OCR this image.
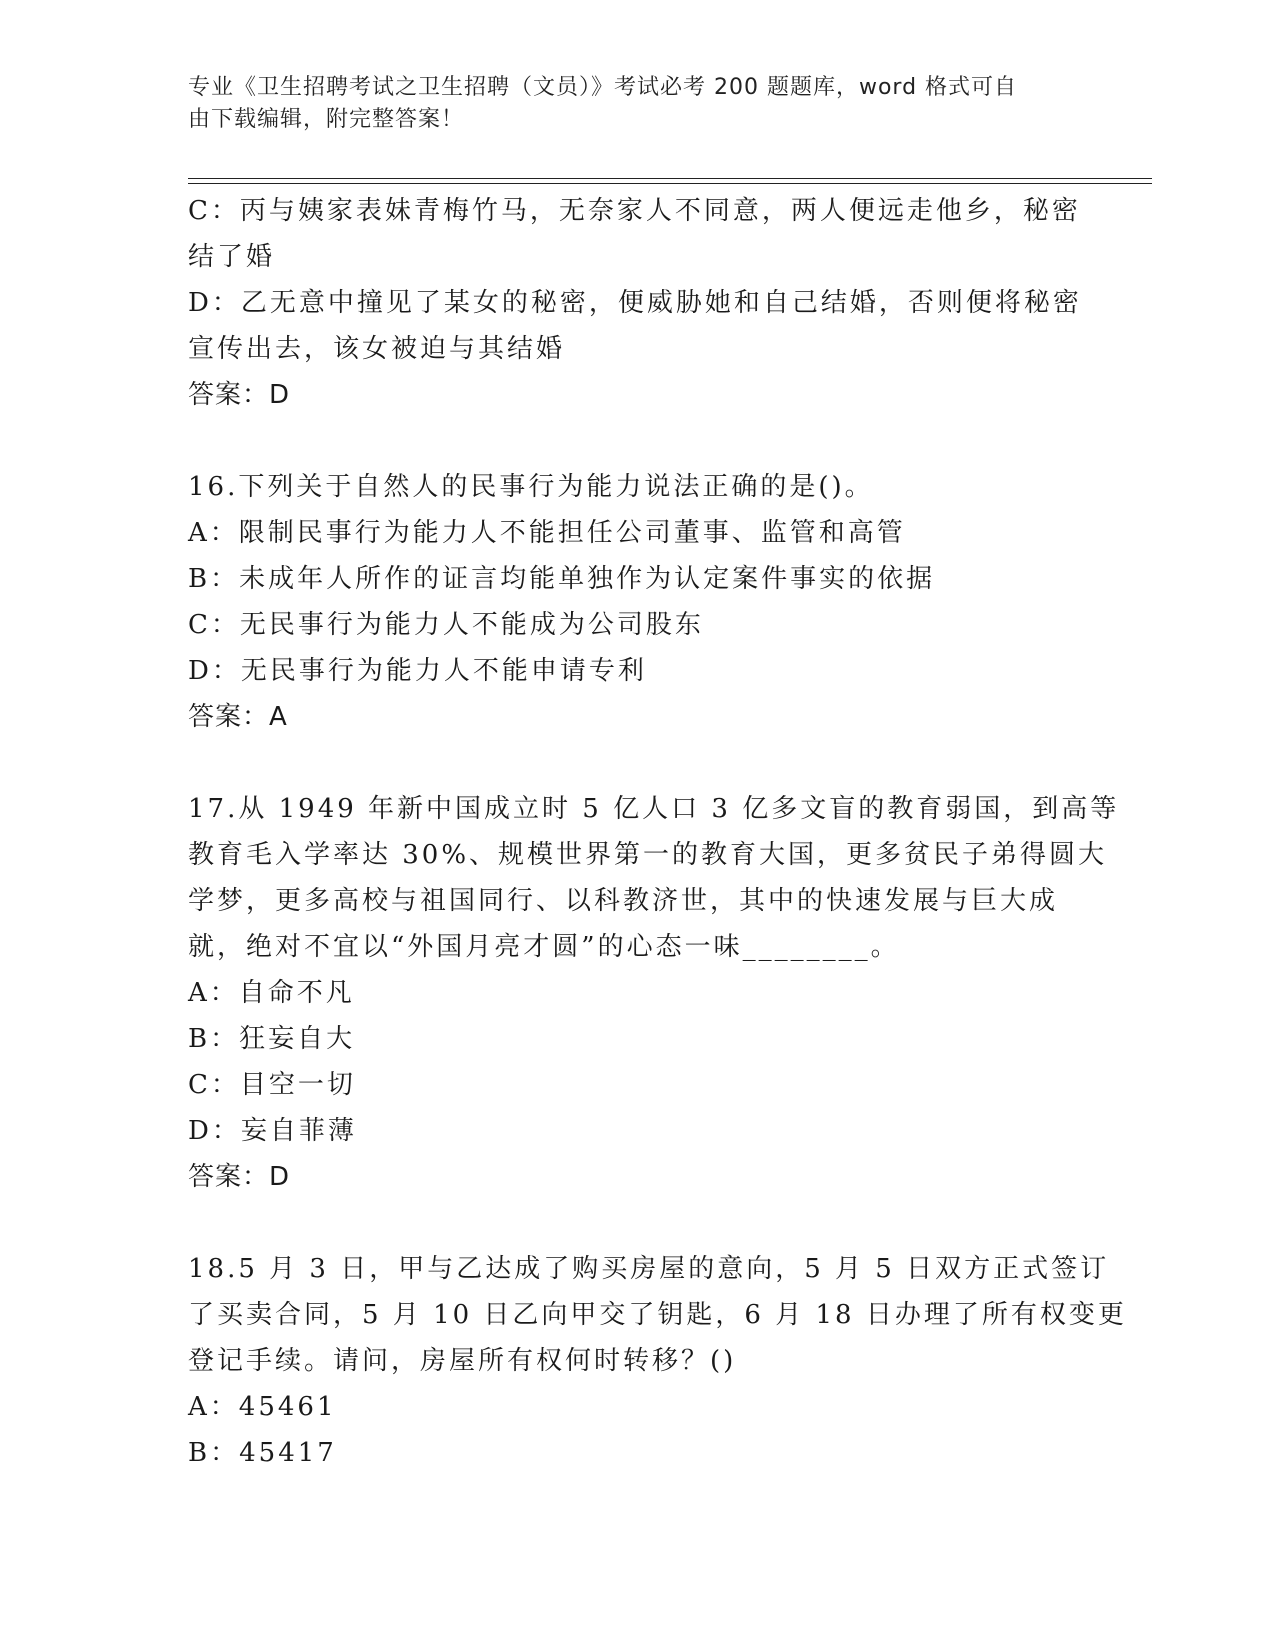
专业《卫生招聘考试之卫生招聘（文员）》考试必考 200 题题库，word 格式可自
由下载编辑，附完整答案！
C：丙与姨家表妹青梅竹马，无奈家人不同意，两人便远走他乡，秘密
结了婚
D：乙无意中撞见了某女的秘密，便威胁她和自己结婚，否则便将秘密
宣传出去，该女被迫与其结婚
答案：D
16.下列关于自然人的民事行为能力说法正确的是()。
A：限制民事行为能力人不能担任公司董事、监管和高管
B：未成年人所作的证言均能单独作为认定案件事实的依据
C：无民事行为能力人不能成为公司股东
D：无民事行为能力人不能申请专利
答案：A
17.从 1949 年新中国成立时 5 亿人口 3 亿多文盲的教育弱国，到高等
教育毛入学率达 30%、规模世界第一的教育大国，更多贫民子弟得圆大
学梦，更多高校与祖国同行、以科教济世，其中的快速发展与巨大成
就，绝对不宜以“外国月亮才圆”的心态一味________。
A：自命不凡
B：狂妄自大
C：目空一切
D：妄自菲薄
答案：D
18.5 月 3 日，甲与乙达成了购买房屋的意向，5 月 5 日双方正式签订
了买卖合同，5 月 10 日乙向甲交了钥匙，6 月 18 日办理了所有权变更
登记手续。请问，房屋所有权何时转移？()
A：45461
B：45417
